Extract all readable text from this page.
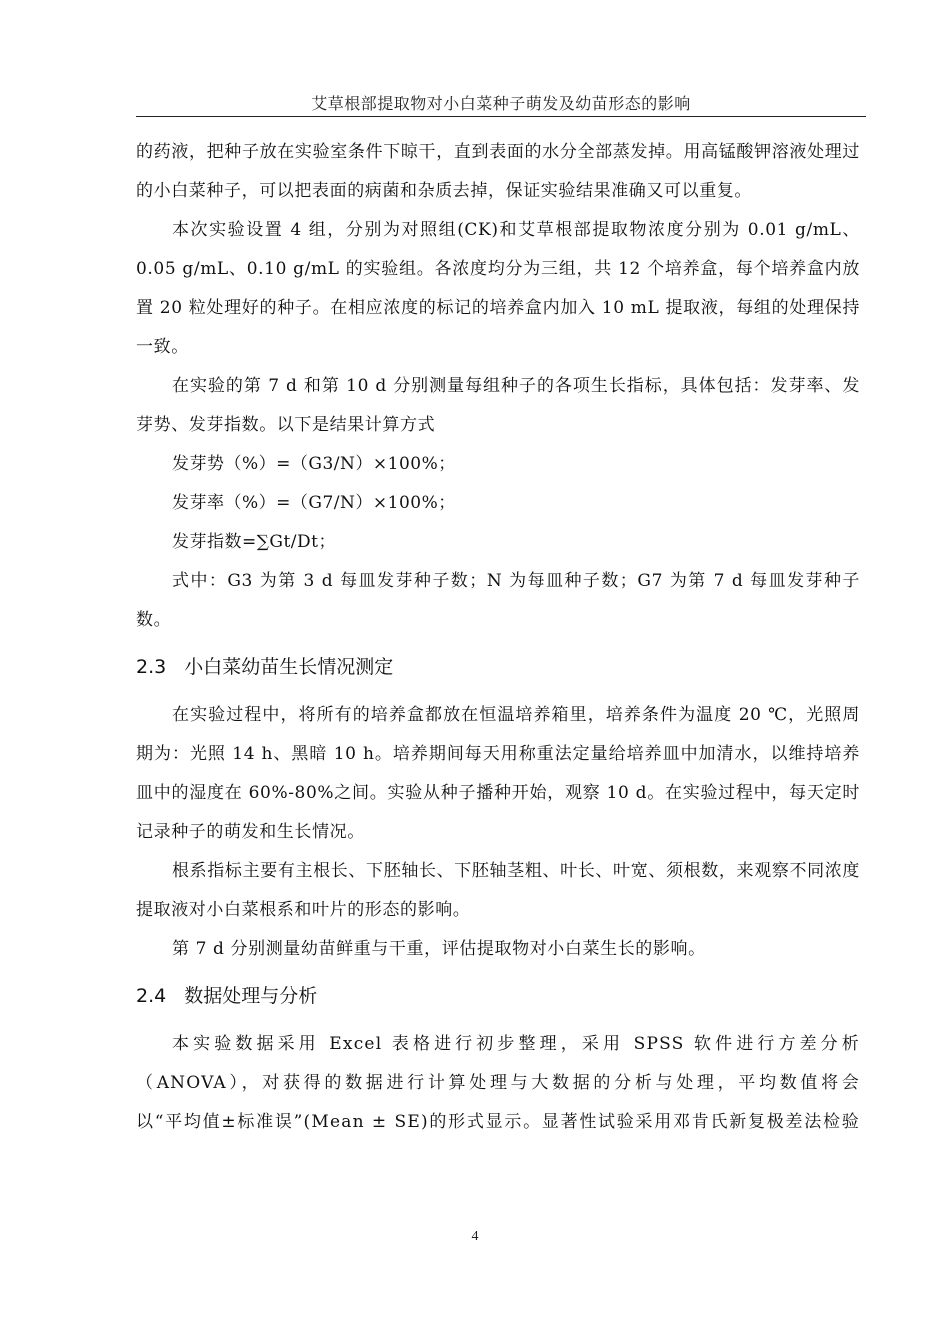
艾草根部提取物对小白菜种子萌发及幼苗形态的影响

的药液，把种子放在实验室条件下晾干，直到表面的水分全部蒸发掉。用高锰酸钾溶液处理过的小白菜种子，可以把表面的病菌和杂质去掉，保证实验结果准确又可以重复。

本次实验设置 4 组，分别为对照组(CK)和艾草根部提取物浓度分别为 0.01 g/mL、0.05 g/mL、0.10 g/mL 的实验组。各浓度均分为三组，共 12 个培养盒，每个培养盒内放置 20 粒处理好的种子。在相应浓度的标记的培养盒内加入 10 mL 提取液，每组的处理保持一致。

在实验的第 7 d 和第 10 d 分别测量每组种子的各项生长指标，具体包括：发芽率、发芽势、发芽指数。以下是结果计算方式

发芽势（%）=（G3/N）×100%；

发芽率（%）=（G7/N）×100%；

发芽指数=∑Gt/Dt；

式中：G3 为第 3 d 每皿发芽种子数；N 为每皿种子数；G7 为第 7 d 每皿发芽种子数。

2.3 小白菜幼苗生长情况测定

在实验过程中，将所有的培养盒都放在恒温培养箱里，培养条件为温度 20 ℃，光照周期为：光照 14 h、黑暗 10 h。培养期间每天用称重法定量给培养皿中加清水，以维持培养皿中的湿度在 60%-80%之间。实验从种子播种开始，观察 10 d。在实验过程中，每天定时记录种子的萌发和生长情况。

根系指标主要有主根长、下胚轴长、下胚轴茎粗、叶长、叶宽、须根数，来观察不同浓度提取液对小白菜根系和叶片的形态的影响。

第 7 d 分别测量幼苗鲜重与干重，评估提取物对小白菜生长的影响。

2.4 数据处理与分析

本实验数据采用 Excel 表格进行初步整理，采用 SPSS 软件进行方差分析

（ANOVA），对获得的数据进行计算处理与大数据的分析与处理，平均数值将会

以“平均值±标准误”(Mean ± SE)的形式显示。显著性试验采用邓肯氏新复极差法检验

4
